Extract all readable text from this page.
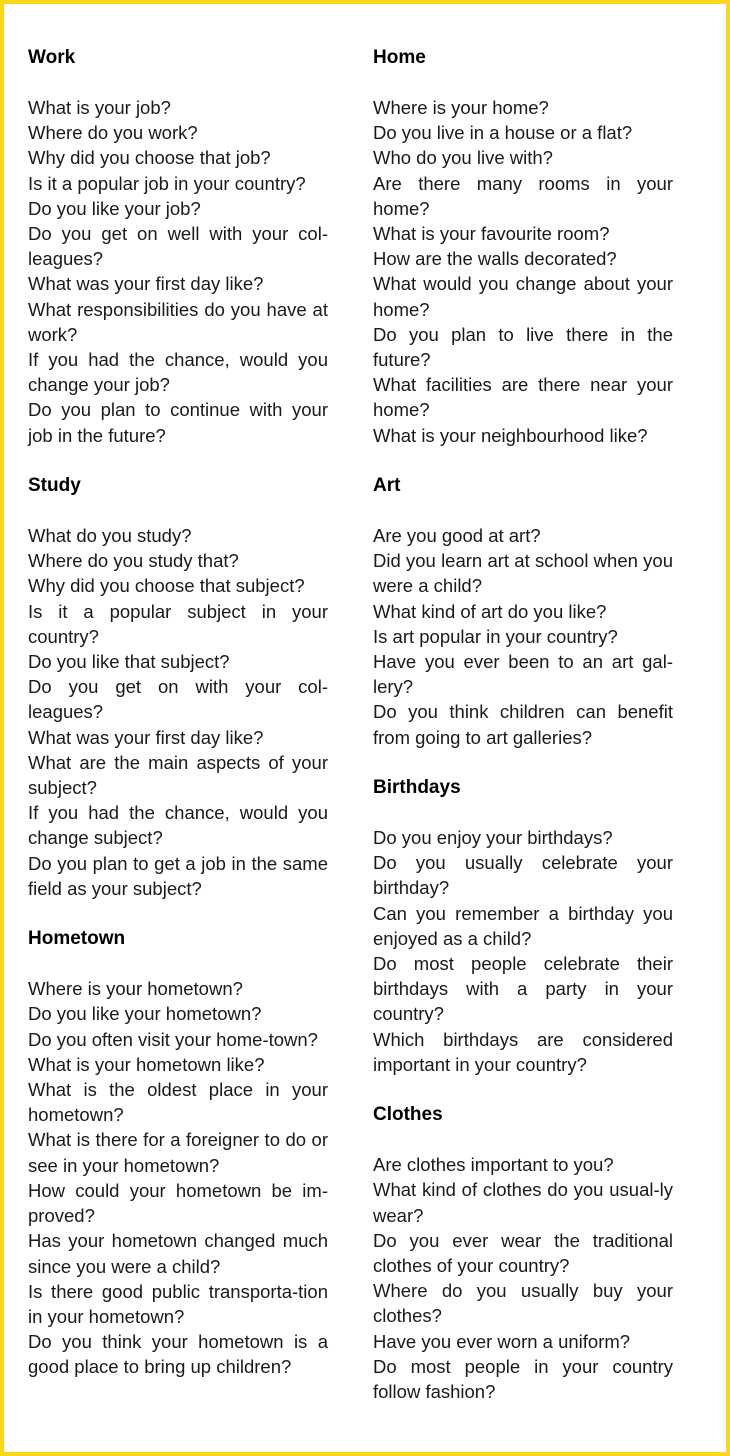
Work

What is your job?

Where do you work?

Why did you choose that job?

Is it a popular job in your country?

Do you like your job?

Do you get on well with your col-leagues?

What was your first day like?

What responsibilities do you have at work?

If you had the chance, would you change your job?

Do you plan to continue with your job in the future?

Study

What do you study?

Where do you study that?

Why did you choose that subject?

Is it a popular subject in your country?

Do you like that subject?

Do you get on with your col-leagues?

What was your first day like?

What are the main aspects of your subject?

If you had the chance, would you change subject?

Do you plan to get a job in the same field as your subject?

Hometown

Where is your hometown?

Do you like your hometown?

Do you often visit your home-town?

What is your hometown like?

What is the oldest place in your hometown?

What is there for a foreigner to do or see in your hometown?

How could your hometown be im-proved?

Has your hometown changed much since you were a child?

Is there good public transporta-tion in your hometown?

Do you think your hometown is a good place to bring up children?

Home

Where is your home?

Do you live in a house or a flat?

Who do you live with?

Are there many rooms in your home?

What is your favourite room?

How are the walls decorated?

What would you change about your home?

Do you plan to live there in the future?

What facilities are there near your home?

What is your neighbourhood like?

Art

Are you good at art?

Did you learn art at school when you were a child?

What kind of art do you like?

Is art popular in your country?

Have you ever been to an art gal-lery?

Do you think children can benefit from going to art galleries?

Birthdays

Do you enjoy your birthdays?

Do you usually celebrate your birthday?

Can you remember a birthday you enjoyed as a child?

Do most people celebrate their birthdays with a party in your country?

Which birthdays are considered important in your country?

Clothes

Are clothes important to you?

What kind of clothes do you usual-ly wear?

Do you ever wear the traditional clothes of your country?

Where do you usually buy your clothes?

Have you ever worn a uniform?

Do most people in your country follow fashion?
